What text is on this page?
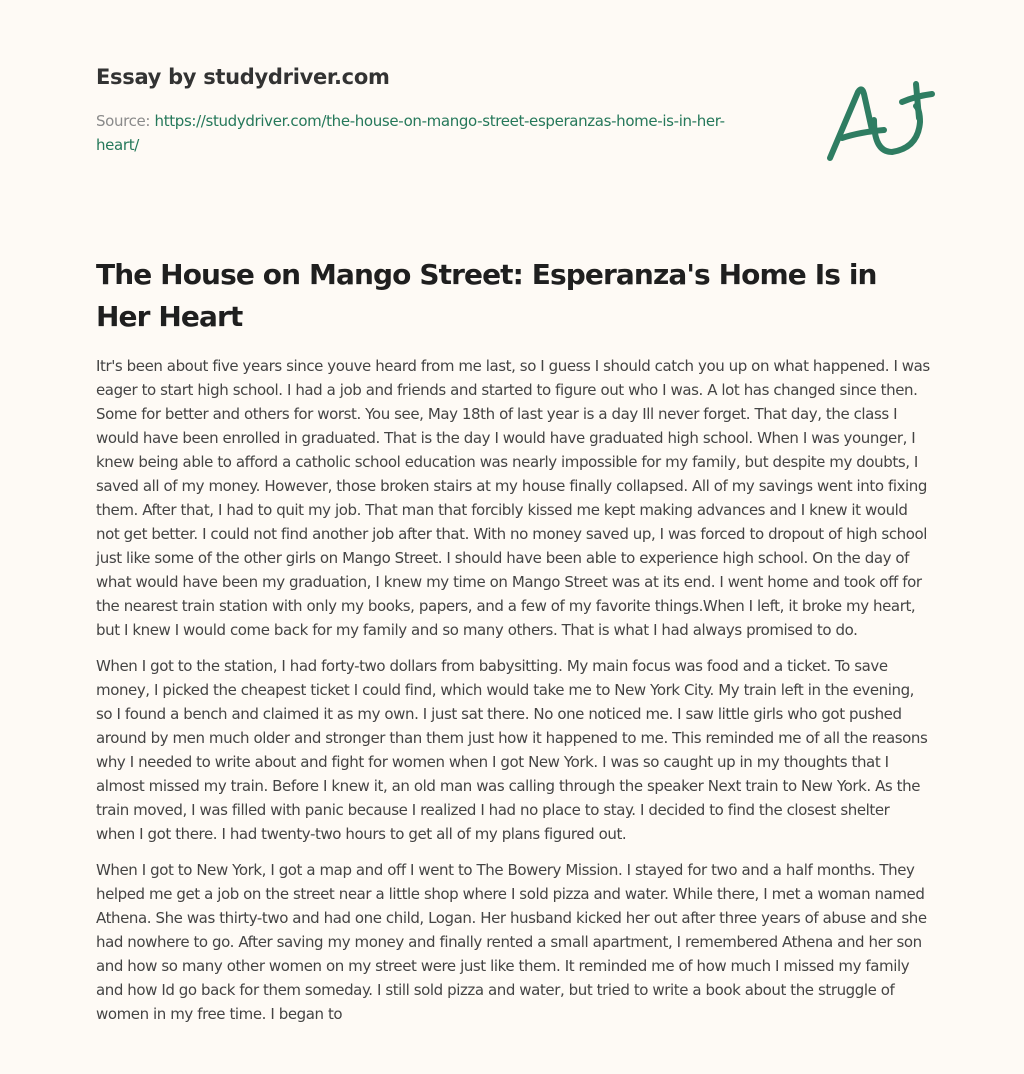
Essay by studydriver.com
Source: https://studydriver.com/the-house-on-mango-street-esperanzas-home-is-in-her-heart/
The House on Mango Street: Esperanza's Home Is in Her Heart

Itr's been about five years since youve heard from me last, so I guess I should catch you up on what happened. I was eager to start high school. I had a job and friends and started to figure out who I was. A lot has changed since then. Some for better and others for worst. You see, May 18th of last year is a day Ill never forget. That day, the class I would have been enrolled in graduated. That is the day I would have graduated high school. When I was younger, I knew being able to afford a catholic school education was nearly impossible for my family, but despite my doubts, I saved all of my money. However, those broken stairs at my house finally collapsed. All of my savings went into fixing them. After that, I had to quit my job. That man that forcibly kissed me kept making advances and I knew it would not get better. I could not find another job after that. With no money saved up, I was forced to dropout of high school just like some of the other girls on Mango Street. I should have been able to experience high school. On the day of what would have been my graduation, I knew my time on Mango Street was at its end. I went home and took off for the nearest train station with only my books, papers, and a few of my favorite things.When I left, it broke my heart, but I knew I would come back for my family and so many others. That is what I had always promised to do.

When I got to the station, I had forty-two dollars from babysitting. My main focus was food and a ticket. To save money, I picked the cheapest ticket I could find, which would take me to New York City. My train left in the evening, so I found a bench and claimed it as my own. I just sat there. No one noticed me. I saw little girls who got pushed around by men much older and stronger than them just how it happened to me. This reminded me of all the reasons why I needed to write about and fight for women when I got New York. I was so caught up in my thoughts that I almost missed my train. Before I knew it, an old man was calling through the speaker Next train to New York. As the train moved, I was filled with panic because I realized I had no place to stay. I decided to find the closest shelter when I got there. I had twenty-two hours to get all of my plans figured out.

When I got to New York, I got a map and off I went to The Bowery Mission. I stayed for two and a half months. They helped me get a job on the street near a little shop where I sold pizza and water. While there, I met a woman named Athena. She was thirty-two and had one child, Logan. Her husband kicked her out after three years of abuse and she had nowhere to go. After saving my money and finally rented a small apartment, I remembered Athena and her son and how so many other women on my street were just like them. It reminded me of how much I missed my family and how Id go back for them someday. I still sold pizza and water, but tried to write a book about the struggle of women in my free time. I began to
